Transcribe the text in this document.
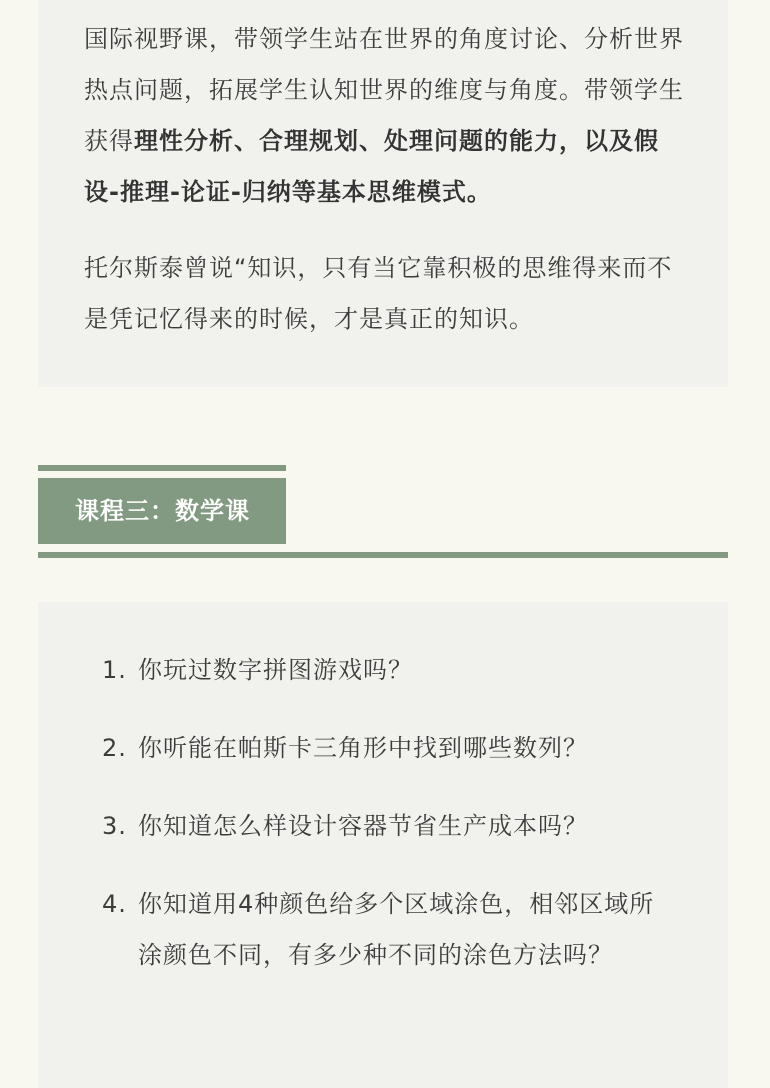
国际视野课，带领学生站在世界的角度讨论、分析世界热点问题，拓展学生认知世界的维度与角度。带领学生获得理性分析、合理规划、处理问题的能力，以及假设-推理-论证-归纳等基本思维模式。

托尔斯泰曾说“知识，只有当它靠积极的思维得来而不是凭记忆得来的时候，才是真正的知识。

课程三：数学课
1. 你玩过数字拼图游戏吗？
2. 你听能在帕斯卡三角形中找到哪些数列？
3. 你知道怎么样设计容器节省生产成本吗？
4. 你知道用4种颜色给多个区域涂色，相邻区域所涂颜色不同，有多少种不同的涂色方法吗？
